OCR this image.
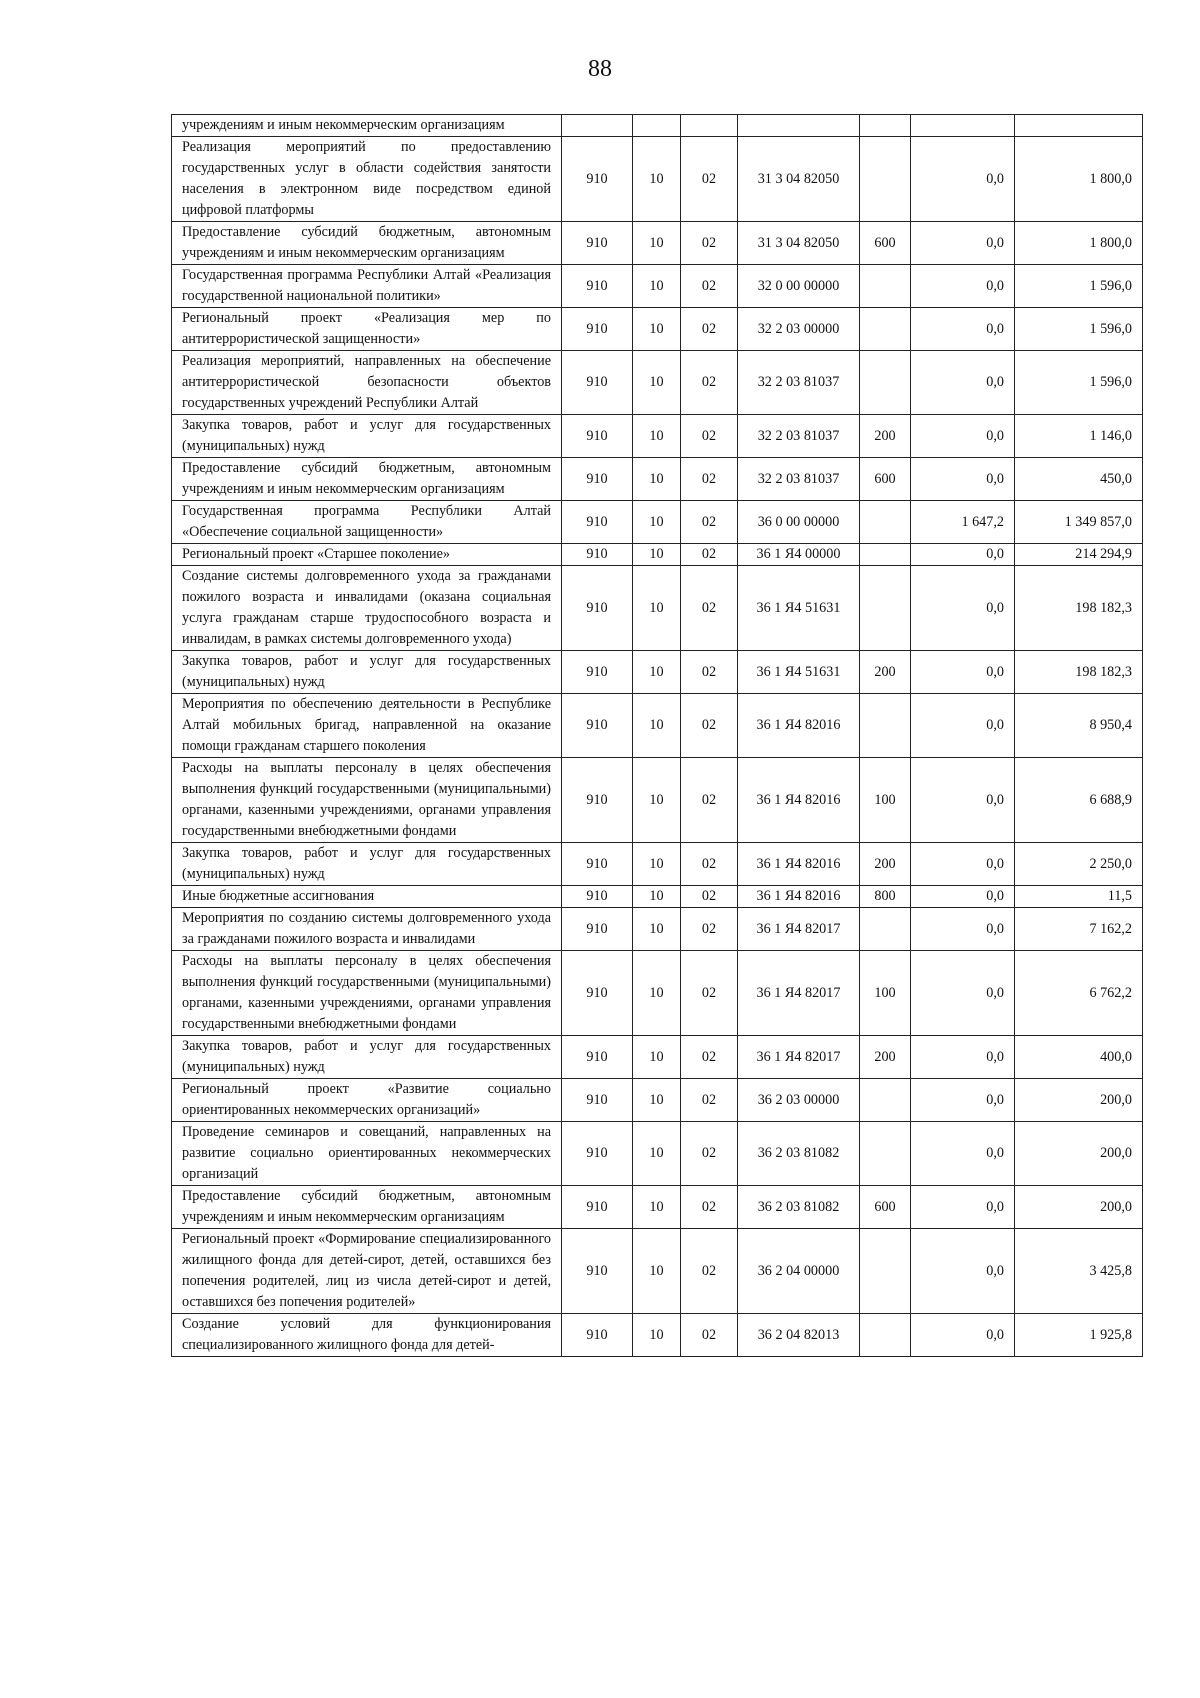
88
учреждениям и иным некоммерческим организациям							
Реализация мероприятий по предоставлению государственных услуг в области содействия занятости населения в электронном виде посредством единой цифровой платформы	910	10	02	31 3 04 82050		0,0	1 800,0
Предоставление субсидий бюджетным, автономным учреждениям и иным некоммерческим организациям	910	10	02	31 3 04 82050	600	0,0	1 800,0
Государственная программа Республики Алтай «Реализация государственной национальной политики»	910	10	02	32 0 00 00000		0,0	1 596,0
Региональный проект «Реализация мер по антитеррористической защищенности»	910	10	02	32 2 03 00000		0,0	1 596,0
Реализация мероприятий, направленных на обеспечение антитеррористической безопасности объектов государственных учреждений Республики Алтай	910	10	02	32 2 03 81037		0,0	1 596,0
Закупка товаров, работ и услуг для государственных (муниципальных) нужд	910	10	02	32 2 03 81037	200	0,0	1 146,0
Предоставление субсидий бюджетным, автономным учреждениям и иным некоммерческим организациям	910	10	02	32 2 03 81037	600	0,0	450,0
Государственная программа Республики Алтай «Обеспечение социальной защищенности»	910	10	02	36 0 00 00000		1 647,2	1 349 857,0
Региональный проект «Старшее поколение»	910	10	02	36 1 Я4 00000		0,0	214 294,9
Создание системы долговременного ухода за гражданами пожилого возраста и инвалидами (оказана социальная услуга гражданам старше трудоспособного возраста и инвалидам, в рамках системы долговременного ухода)	910	10	02	36 1 Я4 51631		0,0	198 182,3
Закупка товаров, работ и услуг для государственных (муниципальных) нужд	910	10	02	36 1 Я4 51631	200	0,0	198 182,3
Мероприятия по обеспечению деятельности в Республике Алтай мобильных бригад, направленной на оказание помощи гражданам старшего поколения	910	10	02	36 1 Я4 82016		0,0	8 950,4
Расходы на выплаты персоналу в целях обеспечения выполнения функций государственными (муниципальными) органами, казенными учреждениями, органами управления государственными внебюджетными фондами	910	10	02	36 1 Я4 82016	100	0,0	6 688,9
Закупка товаров, работ и услуг для государственных (муниципальных) нужд	910	10	02	36 1 Я4 82016	200	0,0	2 250,0
Иные бюджетные ассигнования	910	10	02	36 1 Я4 82016	800	0,0	11,5
Мероприятия по созданию системы долговременного ухода за гражданами пожилого возраста и инвалидами	910	10	02	36 1 Я4 82017		0,0	7 162,2
Расходы на выплаты персоналу в целях обеспечения выполнения функций государственными (муниципальными) органами, казенными учреждениями, органами управления государственными внебюджетными фондами	910	10	02	36 1 Я4 82017	100	0,0	6 762,2
Закупка товаров, работ и услуг для государственных (муниципальных) нужд	910	10	02	36 1 Я4 82017	200	0,0	400,0
Региональный проект «Развитие социально ориентированных некоммерческих организаций»	910	10	02	36 2 03 00000		0,0	200,0
Проведение семинаров и совещаний, направленных на развитие социально ориентированных некоммерческих организаций	910	10	02	36 2 03 81082		0,0	200,0
Предоставление субсидий бюджетным, автономным учреждениям и иным некоммерческим организациям	910	10	02	36 2 03 81082	600	0,0	200,0
Региональный проект «Формирование специализированного жилищного фонда для детей-сирот, детей, оставшихся без попечения родителей, лиц из числа детей-сирот и детей, оставшихся без попечения родителей»	910	10	02	36 2 04 00000		0,0	3 425,8
Создание условий для функционирования специализированного жилищного фонда для детей-	910	10	02	36 2 04 82013		0,0	1 925,8
